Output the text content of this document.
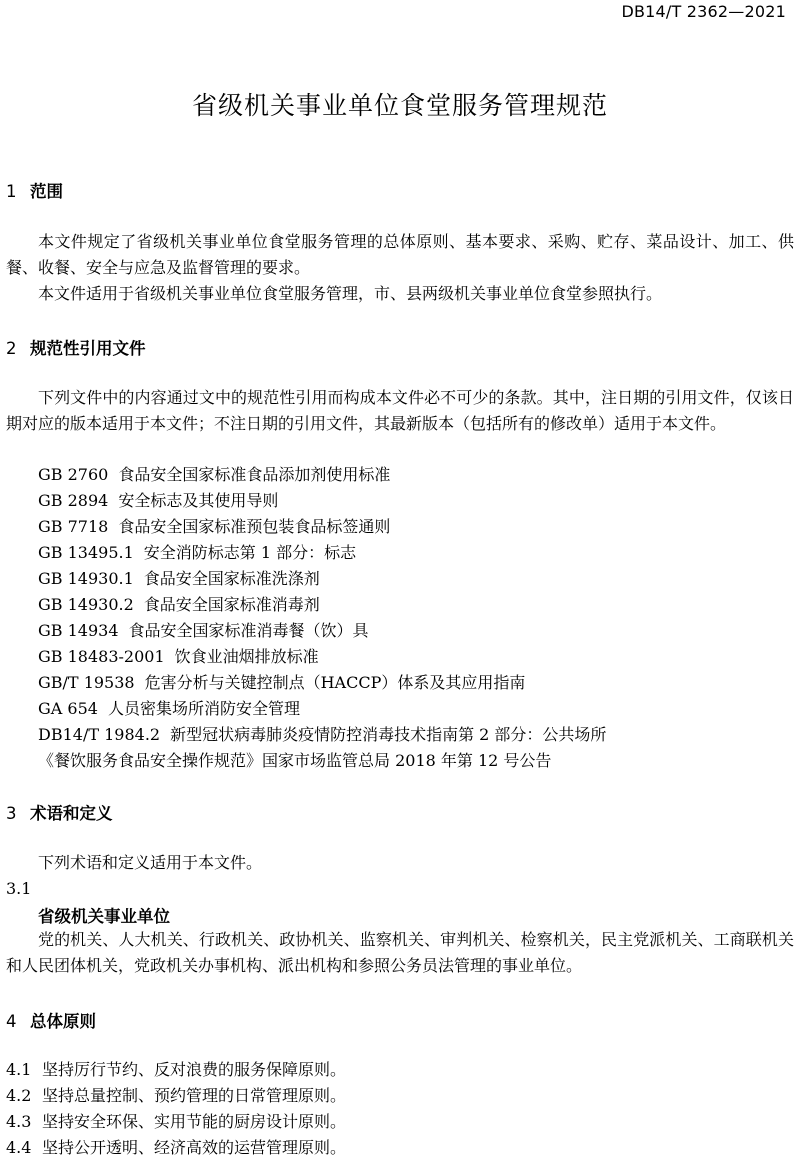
DB14/T 2362—2021
省级机关事业单位食堂服务管理规范
1 范围

本文件规定了省级机关事业单位食堂服务管理的总体原则、基本要求、采购、贮存、菜品设计、加工、供餐、收餐、安全与应急及监督管理的要求。

本文件适用于省级机关事业单位食堂服务管理，市、县两级机关事业单位食堂参照执行。

2 规范性引用文件

下列文件中的内容通过文中的规范性引用而构成本文件必不可少的条款。其中，注日期的引用文件，仅该日期对应的版本适用于本文件；不注日期的引用文件，其最新版本（包括所有的修改单）适用于本文件。

GB 2760 食品安全国家标准食品添加剂使用标准
GB 2894 安全标志及其使用导则
GB 7718 食品安全国家标准预包装食品标签通则
GB 13495.1 安全消防标志第 1 部分：标志
GB 14930.1 食品安全国家标准洗涤剂
GB 14930.2 食品安全国家标准消毒剂
GB 14934 食品安全国家标准消毒餐（饮）具
GB 18483-2001 饮食业油烟排放标准
GB/T 19538 危害分析与关键控制点（HACCP）体系及其应用指南
GA 654 人员密集场所消防安全管理
DB14/T 1984.2 新型冠状病毒肺炎疫情防控消毒技术指南第 2 部分：公共场所
《餐饮服务食品安全操作规范》国家市场监管总局 2018 年第 12 号公告
3 术语和定义

下列术语和定义适用于本文件。

3.1
省级机关事业单位

党的机关、人大机关、行政机关、政协机关、监察机关、审判机关、检察机关，民主党派机关、工商联机关和人民团体机关，党政机关办事机构、派出机构和参照公务员法管理的事业单位。

4 总体原则
4.1 坚持厉行节约、反对浪费的服务保障原则。
4.2 坚持总量控制、预约管理的日常管理原则。
4.3 坚持安全环保、实用节能的厨房设计原则。
4.4 坚持公开透明、经济高效的运营管理原则。
